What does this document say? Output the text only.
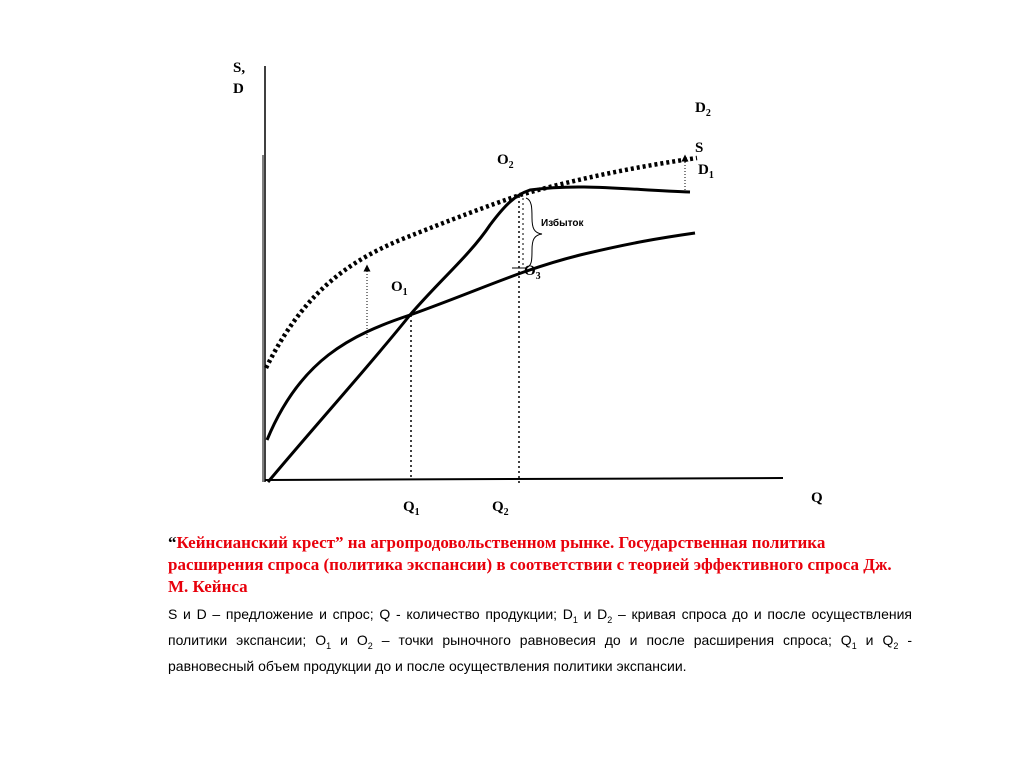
S,
D
Q
$D_2$
S
$D_1$
$O_2$
$O_1$
$O_3$
Избыток
$Q_1$	$Q_2$

“Кейнсианский крест” на агропродовольственном рынке. Государственная политика расширения спроса (политика экспансии) в соответствии с теорией эффективного спроса Дж. М. Кейнса

S и D – предложение и спрос; Q - количество продукции; $D_1$ и $D_2$ – кривая спроса до и после осуществления политики экспансии; $O_1$ и $O_2$ – точки рыночного равновесия до и после расширения спроса; $Q_1$ и $Q_2$ - равновесный объем продукции до и после осуществления политики экспансии.
